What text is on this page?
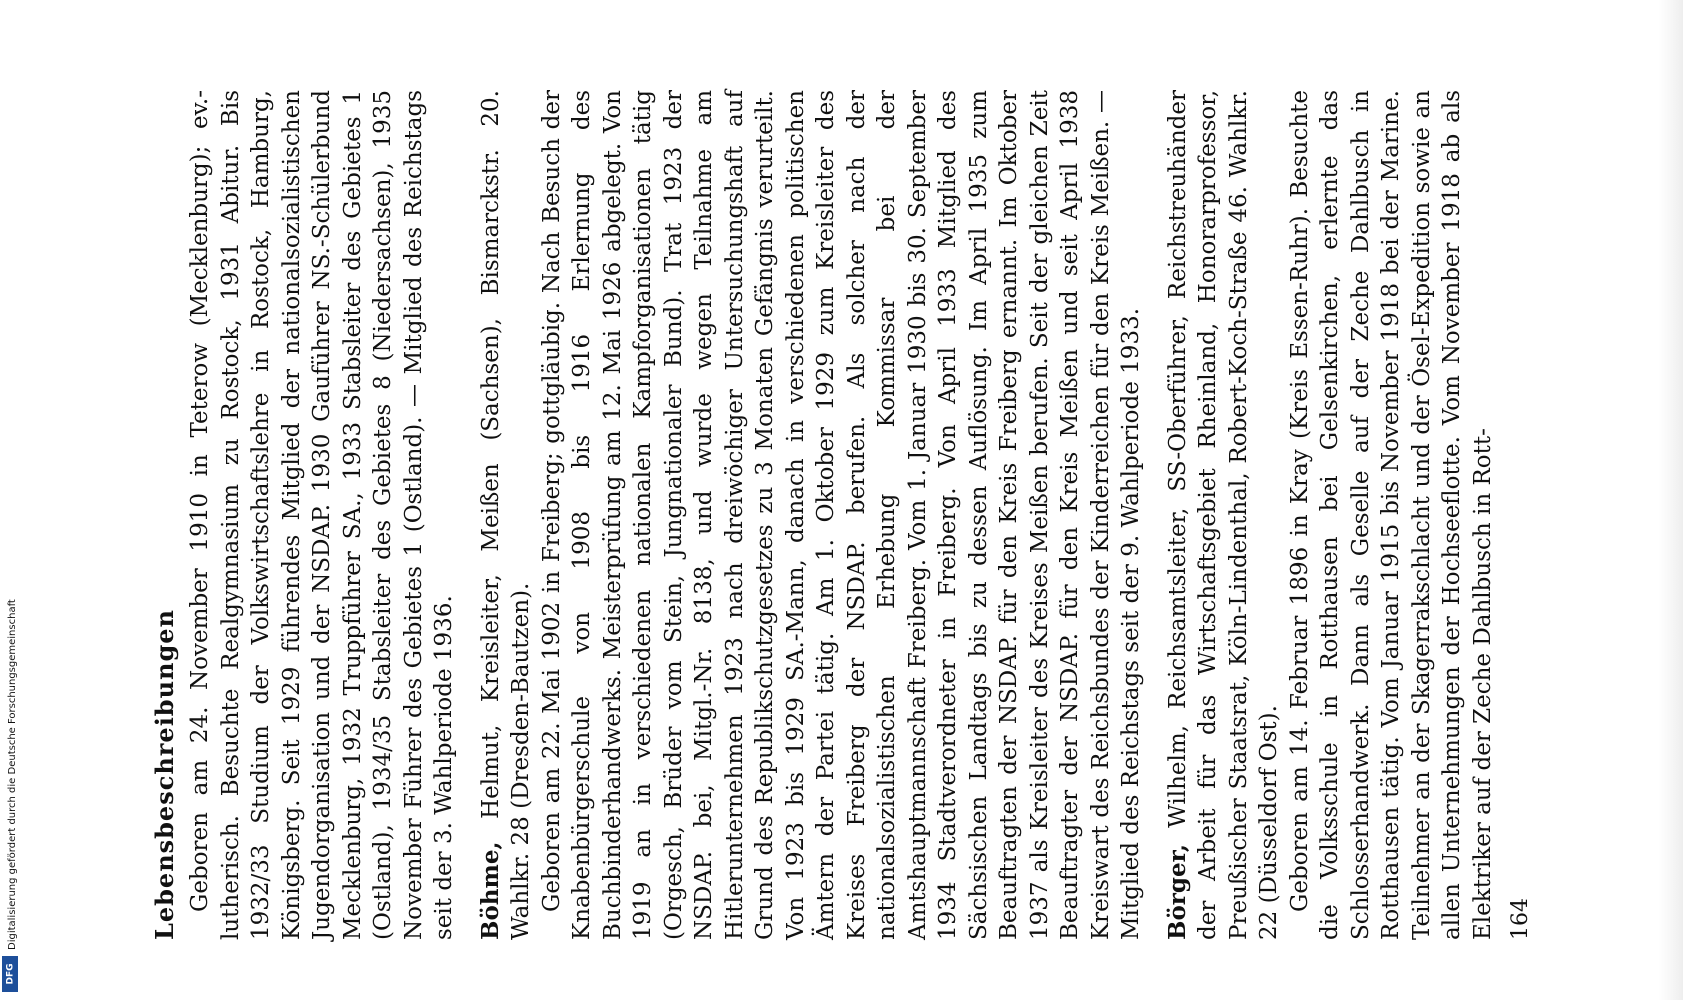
Lebensbeschreibungen Geboren am 24. November 1910 in Teterow (Mecklenburg); ev.-lutherisch. Besuchte Realgymnasium zu Rostock, 1931 Abitur. Bis 1932/33 Studium der Volkswirtschaftslehre in Rostock, Hamburg, Königsberg. Seit 1929 führendes Mitglied der nationalsozialistischen Jugendorganisation und der NSDAP. 1930 Gauführer NS.-Schülerbund Mecklenburg, 1932 Truppführer SA., 1933 Stabsleiter des Gebietes 1 (Ostland), 1934/35 Stabsleiter des Gebietes 8 (Niedersachsen), 1935 November Führer des Gebietes 1 (Ostland). — Mitglied des Reichstags seit der 3. Wahlperiode 1936. Böhme, Helmut, Kreisleiter, Meißen (Sachsen), Bismarckstr. 20. Wahlkr. 28 (Dresden-Bautzen). Geboren am 22. Mai 1902 in Freiberg; gottgläubig. Nach Besuch der Knabenbürgerschule von 1908 bis 1916 Erlernung des Buchbinderhandwerks. Meisterprüfung am 12. Mai 1926 abgelegt. Von 1919 an in verschiedenen nationalen Kampforganisationen tätig (Orgesch, Brüder vom Stein, Jungnationaler Bund). Trat 1923 der NSDAP. bei, Mitgl.-Nr. 8138, und wurde wegen Teilnahme am Hitlerunternehmen 1923 nach dreiwöchiger Untersuchungshaft auf Grund des Republikschutzgesetzes zu 3 Monaten Gefängnis verurteilt. Von 1923 bis 1929 SA.-Mann, danach in verschiedenen politischen Ämtern der Partei tätig. Am 1. Oktober 1929 zum Kreisleiter des Kreises Freiberg der NSDAP. berufen. Als solcher nach der nationalsozialistischen Erhebung Kommissar bei der Amtshauptmannschaft Freiberg. Vom 1. Januar 1930 bis 30. September 1934 Stadtverordneter in Freiberg. Von April 1933 Mitglied des Sächsischen Landtags bis zu dessen Auflösung. Im April 1935 zum Beauftragten der NSDAP. für den Kreis Freiberg ernannt. Im Oktober 1937 als Kreisleiter des Kreises Meißen berufen. Seit der gleichen Zeit Beauftragter der NSDAP. für den Kreis Meißen und seit April 1938 Kreiswart des Reichsbundes der Kinderreichen für den Kreis Meißen. — Mitglied des Reichstags seit der 9. Wahlperiode 1933. Börger, Wilhelm, Reichsamtsleiter, SS-Oberführer, Reichstreuhänder der Arbeit für das Wirtschaftsgebiet Rheinland, Honorarprofessor, Preußischer Staatsrat, Köln-Lindenthal, Robert-Koch-Straße 46. Wahlkr. 22 (Düsseldorf Ost). Geboren am 14. Februar 1896 in Kray (Kreis Essen-Ruhr). Besuchte die Volksschule in Rotthausen bei Gelsenkirchen, erlernte das Schlosserhandwerk. Dann als Geselle auf der Zeche Dahlbusch in Rotthausen tätig. Vom Januar 1915 bis November 1918 bei der Marine. Teilnehmer an der Skagerrakschlacht und der Ösel-Expedition sowie an allen Unternehmungen der Hochseeflotte. Vom November 1918 ab als Elektriker auf der Zeche Dahlbusch in Rott- 164
Digitalisierung gefördert durch die Deutsche Forschungsgemeinschaft
DFG
